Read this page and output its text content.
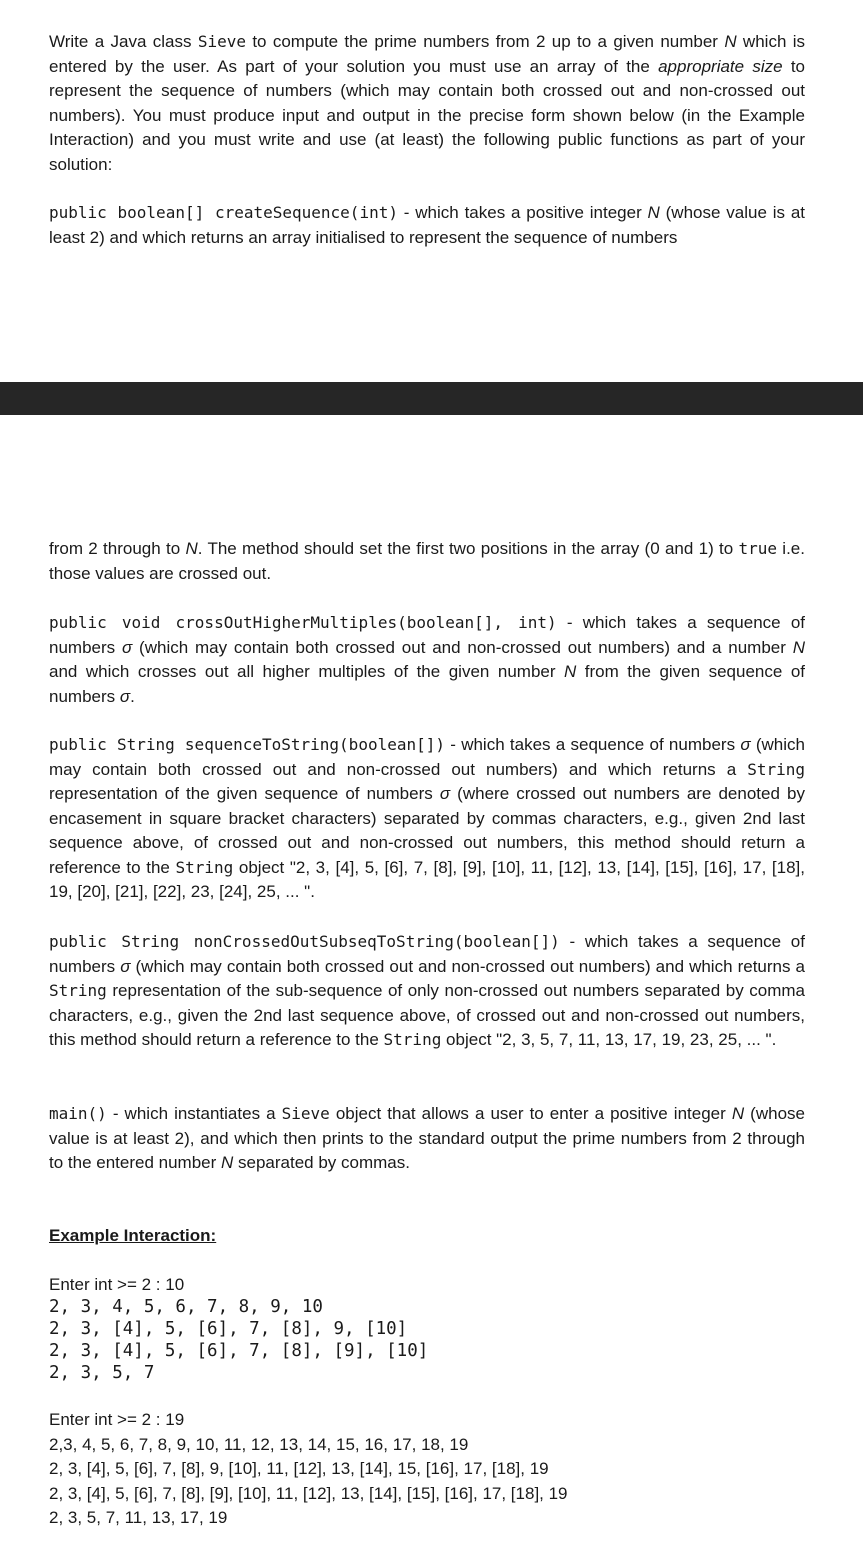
Write a Java class Sieve to compute the prime numbers from 2 up to a given number N which is entered by the user. As part of your solution you must use an array of the appropriate size to represent the sequence of numbers (which may contain both crossed out and non-crossed out numbers). You must produce input and output in the precise form shown below (in the Example Interaction) and you must write and use (at least) the following public functions as part of your solution:

public boolean[] createSequence(int) - which takes a positive integer N (whose value is at least 2) and which returns an array initialised to represent the sequence of numbers

from 2 through to N. The method should set the first two positions in the array (0 and 1) to true i.e. those values are crossed out.

public void crossOutHigherMultiples(boolean[], int) - which takes a sequence of numbers σ (which may contain both crossed out and non-crossed out numbers) and a number N and which crosses out all higher multiples of the given number N from the given sequence of numbers σ.

public String sequenceToString(boolean[]) - which takes a sequence of numbers σ (which may contain both crossed out and non-crossed out numbers) and which returns a String representation of the given sequence of numbers σ (where crossed out numbers are denoted by encasement in square bracket characters) separated by commas characters, e.g., given 2nd last sequence above, of crossed out and non-crossed out numbers, this method should return a reference to the String object "2, 3, [4], 5, [6], 7, [8], [9], [10], 11, [12], 13, [14], [15], [16], 17, [18], 19, [20], [21], [22], 23, [24], 25, ... ".

public String nonCrossedOutSubseqToString(boolean[]) - which takes a sequence of numbers σ (which may contain both crossed out and non-crossed out numbers) and which returns a String representation of the sub-sequence of only non-crossed out numbers separated by comma characters, e.g., given the 2nd last sequence above, of crossed out and non-crossed out numbers, this method should return a reference to the String object "2, 3, 5, 7, 11, 13, 17, 19, 23, 25, ... ".

main() - which instantiates a Sieve object that allows a user to enter a positive integer N (whose value is at least 2), and which then prints to the standard output the prime numbers from 2 through to the entered number N separated by commas.

Example Interaction:
Enter int >= 2 : 10
2, 3, 4, 5, 6, 7, 8, 9, 10
2, 3, [4], 5, [6], 7, [8], 9, [10]
2, 3, [4], 5, [6], 7, [8], [9], [10]
2, 3, 5, 7
Enter int >= 2 : 19
2,3, 4, 5, 6, 7, 8, 9, 10, 11, 12, 13, 14, 15, 16, 17, 18, 19
2, 3, [4], 5, [6], 7, [8], 9, [10], 11, [12], 13, [14], 15, [16], 17, [18], 19
2, 3, [4], 5, [6], 7, [8], [9], [10], 11, [12], 13, [14], [15], [16], 17, [18], 19
2, 3, 5, 7, 11, 13, 17, 19
